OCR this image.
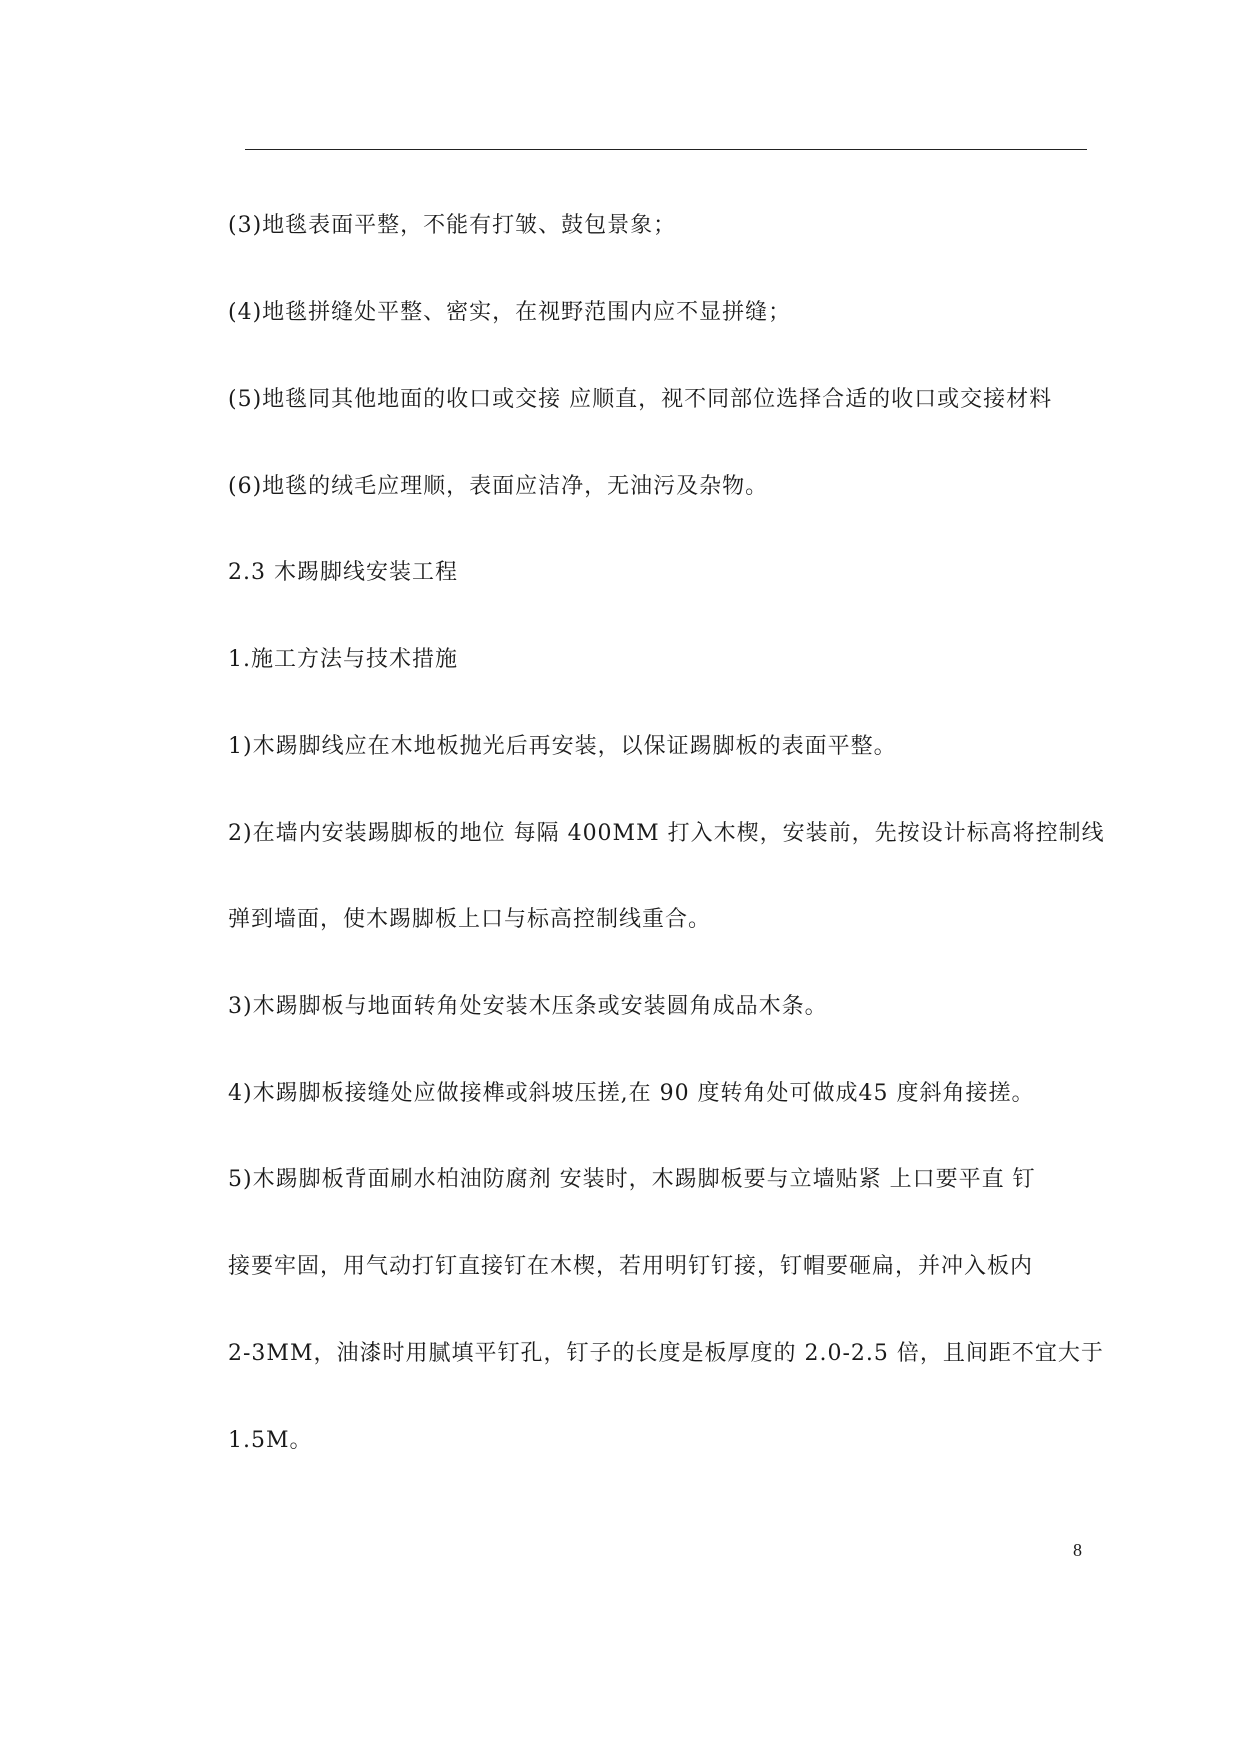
(3)地毯表面平整，不能有打皱、鼓包景象；
(4)地毯拼缝处平整、密实，在视野范围内应不显拼缝；
(5)地毯同其他地面的收口或交接 应顺直，视不同部位选择合适的收口或交接材料
(6)地毯的绒毛应理顺，表面应洁净，无油污及杂物。
2.3 木踢脚线安装工程
1.施工方法与技术措施
1)木踢脚线应在木地板抛光后再安装，以保证踢脚板的表面平整。
2)在墙内安装踢脚板的地位 每隔 400MM 打入木楔，安装前，先按设计标高将控制线
弹到墙面，使木踢脚板上口与标高控制线重合。
3)木踢脚板与地面转角处安装木压条或安装圆角成品木条。
4)木踢脚板接缝处应做接榫或斜坡压搓,在 90 度转角处可做成45 度斜角接搓。
5)木踢脚板背面刷水柏油防腐剂 安装时，木踢脚板要与立墙贴紧 上口要平直 钉
接要牢固，用气动打钉直接钉在木楔，若用明钉钉接，钉帽要砸扁，并冲入板内
2-3MM，油漆时用腻填平钉孔，钉子的长度是板厚度的 2.0-2.5 倍，且间距不宜大于
1.5M。
8
